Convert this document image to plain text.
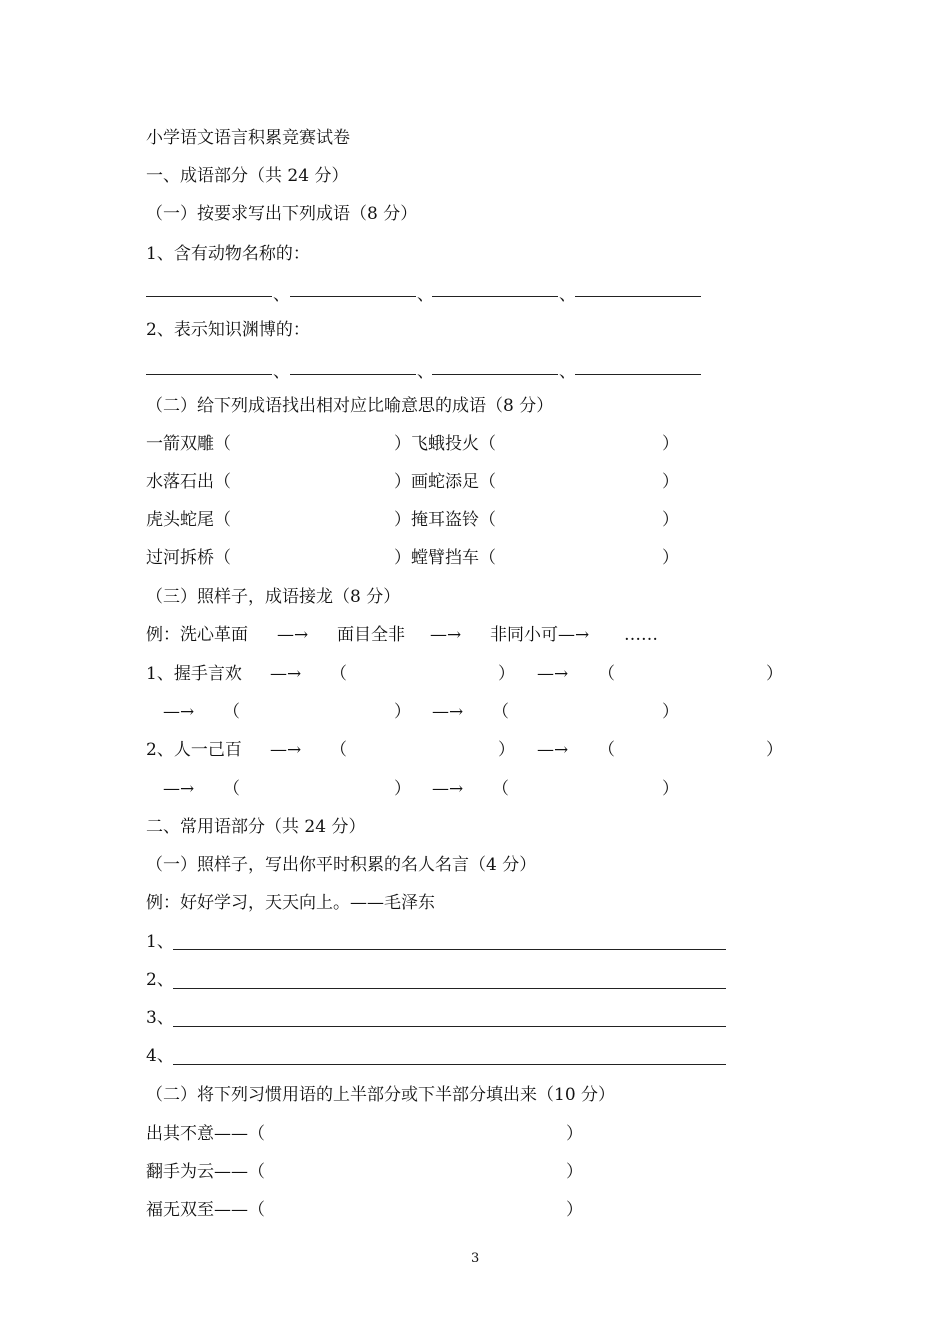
小学语文语言积累竞赛试卷
一、成语部分（共 24 分）
（一）按要求写出下列成语（8 分）
1、含有动物名称的：
、	、	、
2、表示知识渊博的：
、	、	、
（二）给下列成语找出相对应比喻意思的成语（8 分）
一箭双雕（	）飞蛾投火（	）
水落石出（	）画蛇添足（	）
虎头蛇尾（	）掩耳盗铃（	）
过河拆桥（	）螳臂挡车（	）
（三）照样子，成语接龙（8 分）
例：洗心革面 —→ 面目全非 —→ 非同小可—→ ……
1、握手言欢 —→ （	） —→ （	）
—→ （	） —→ （	）
2、人一己百 —→ （	） —→ （	）
—→ （	） —→ （	）
二、常用语部分（共 24 分）
（一）照样子，写出你平时积累的名人名言（4 分）
例：好好学习，天天向上。——毛泽东
1、
2、
3、
4、
（二）将下列习惯用语的上半部分或下半部分填出来（10 分）
出其不意——（	）
翻手为云——（	）
福无双至——（	）
3
